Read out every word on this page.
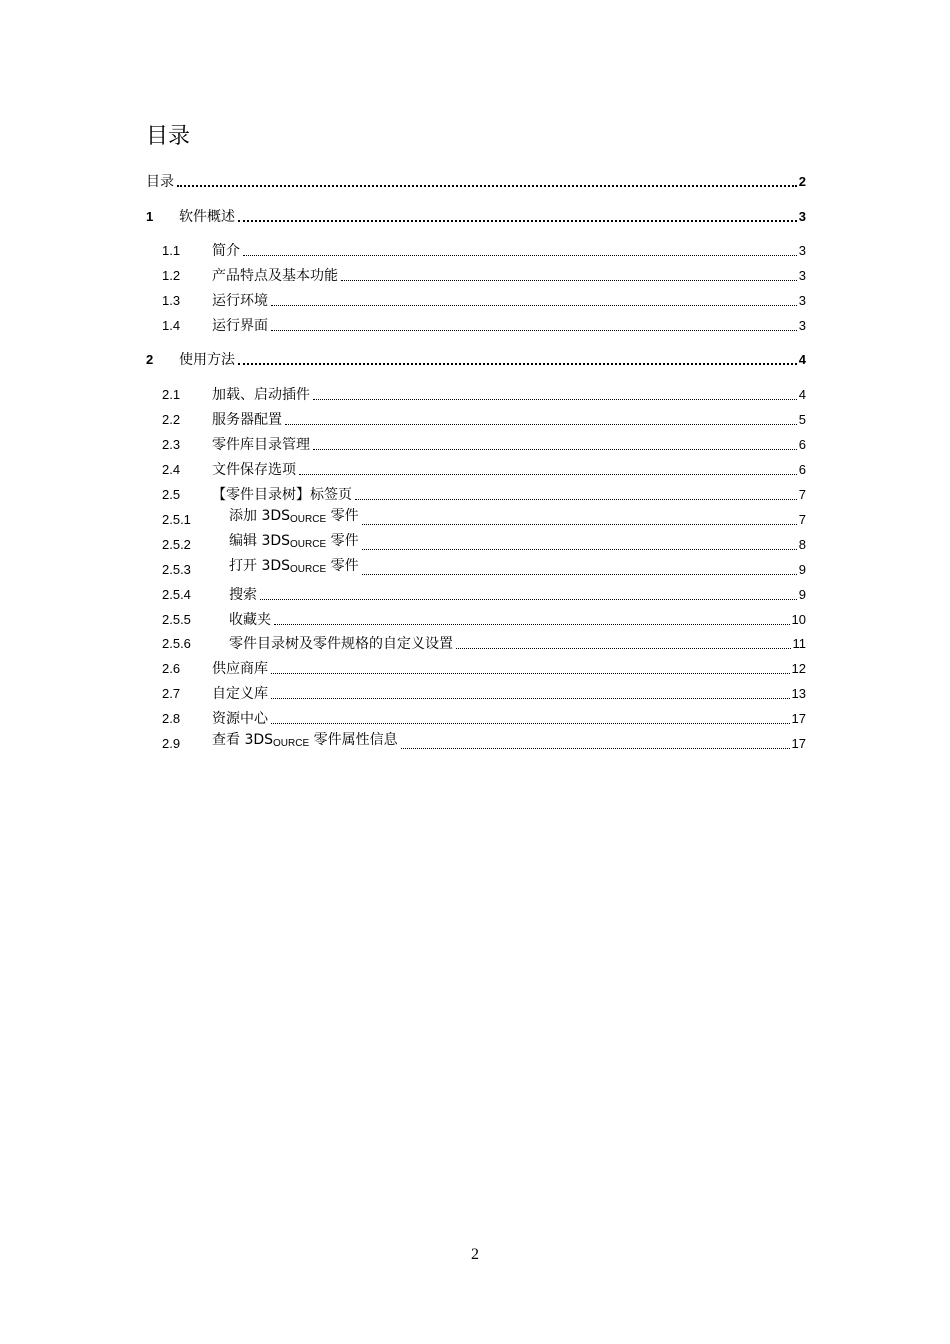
目录
目录	2
1 软件概述	3
1.1 简介	3
1.2 产品特点及基本功能	3
1.3 运行环境	3
1.4 运行界面	3
2 使用方法	4
2.1 加载、启动插件	4
2.2 服务器配置	5
2.3 零件库目录管理	6
2.4 文件保存选项	6
2.5 【零件目录树】标签页	7
2.5.1	添加 3DSOURCE 零件	7
2.5.2	编辑 3DSOURCE 零件	8
2.5.3	打开 3DSOURCE 零件	9
2.5.4	搜索	9
2.5.5	收藏夹	10
2.5.6	零件目录树及零件规格的自定义设置	11
2.6 供应商库	12
2.7 自定义库	13
2.8 资源中心	17
2.9 查看 3DSOURCE 零件属性信息	17
2
